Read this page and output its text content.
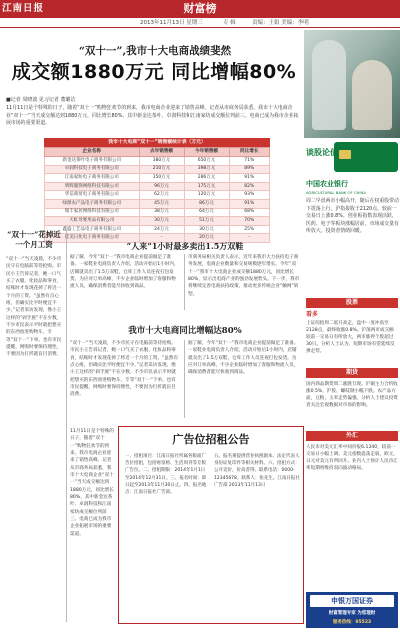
江南日报	财富榜
2013年11月13日 星期三	专 辑	责编：王娟 美编：李明
“双十一”,我市十大电商战绩斐然
成交额1880万元 同比增幅80%
■记者 周晓波 见习记者 董璐洁
11月11日是个特殊的日子，随着“双十一”购物狂欢节的到来，我市电商企业迎来了销售高峰。记者从市商务局获悉，我市十大电商企业“双十一”当天成交额达到1880万元，同比增长80%，其中新金达茶叶、卓润科技和江南家纺成交额位列前三。电商已成为我市企业拓展市场的重要渠道。
我市十大电商“双十一”销售额统计表（万元）
企业名称	去年销售额	今年销售额	同比增长
新金达茶叶电子商务有限公司	380万元	650万元	71%
卓润科技电子商务有限公司	210万元	398万元	89%
江南家纺电子商务有限公司	150万元	286万元	91%
明辉服饰网络科技有限公司	96万元	175万元	82%
华信商贸电子商务有限公司	62万元	120万元	93%
绿源农产品电子商务有限公司	45万元	86万元	91%
瑞丰家居网络科技有限公司	38万元	64万元	68%
天虹母婴用品有限公司	30万元	51万元	70%
鑫盛工艺品电子商务有限公司	24万元	30万元	25%
佳美日化电子商务有限公司	-	20万元	-
谈股论债
中国农业银行
AGRICULTURAL BANK OF CHINA
周二早盘两市小幅高开，随后在权重股带动下震荡上行，沪指报收于2120点，较前一交易日上涨0.8%。创业板指数表现活跃，医药、电子等板块涨幅居前。市场成交量有所放大，投资者情绪回暖。
股票
看多
上证综指周二低开高走，盘中一度冲高至2128点，最终收涨0.8%。沪深两市成交额较前一交易日有所放大，两市涨停个股超过30只。分析人士认为，短期市场有望延续反弹走势。
期货
国内商品期货周二涨跌互现。沪铜主力合约收涨0.5%，沪胶、螺纹钢小幅下跌。农产品方面，豆粕、玉米走势偏强。分析人士建议投资者关注宏观数据对市场的影响。
外汇
人民币对美元汇率中间价报6.1340，较前一交易日小幅上调。美元指数震荡走弱，欧元、日元对美元有所回升。业内人士预计人民币汇率短期将维持双向波动格局。
申银万国证券
财富管理专家 为您理财
服务热线：95523
“双十一”花掉近一个月工资
“双十一”当天凌晨，不少市民守在电脑前等待抢购。市民小王告诉记者，她一口气买了衣服、化妆品和零食，结账时才发现花掉了将近一个月的工资。“虽然有点心疼，但确实比平时便宜不少。”记者采访发现，像小王这样的“剁手族”不在少数，不少市民表示平时就把想买的东西放进购物车，专等“双十一”下单。也有市民提醒，网购时要保持理性，不要因为打折就盲目消费。
“人来”1小时最多卖出1.5万双鞋
据了解，今年“双十一”我市电商企业提前做足了准备。一家鞋业电商负责人介绍，活动开始后1小时内，店铺就卖出了1.5万双鞋，仓库工作人员连夜打包发货。为应对订单高峰，不少企业临时增加了客服和物流人员，确保消费者能尽快收到商品。
市商务局相关负责人表示，近年来我市大力扶持电子商务发展，电商企业数量和交易规模逐年增长。今年“双十一”我市十大电商企业成交额1880万元，同比增长80%，显示出电商产业的强劲发展势头。下一步，我市将继续完善电商扶持政策，推动更多传统企业“触网”转型。
我市十大电商同比增幅达80%
“双十一”当天凌晨，不少市民守在电脑前等待抢购。市民小王告诉记者，她一口气买了衣服、化妆品和零食，结账时才发现花掉了将近一个月的工资。“虽然有点心疼，但确实比平时便宜不少。”记者采访发现，像小王这样的“剁手族”不在少数，不少市民表示平时就把想买的东西放进购物车，专等“双十一”下单。也有市民提醒，网购时要保持理性，不要因为打折就盲目消费。
据了解，今年“双十一”我市电商企业提前做足了准备。一家鞋业电商负责人介绍，活动开始后1小时内，店铺就卖出了1.5万双鞋，仓库工作人员连夜打包发货。为应对订单高峰，不少企业临时增加了客服和物流人员，确保消费者能尽快收到商品。
11月11日是个特殊的日子，随着“双十一”购物狂欢节的到来，我市电商企业迎来了销售高峰。记者从市商务局获悉，我市十大电商企业“双十一”当天成交额达到1880万元，同比增长80%，其中新金达茶叶、卓润科技和江南家纺成交额位列前三。电商已成为我市企业拓展市场的重要渠道。
广告位招租公告
一、招租项目：江南日报社所属各版面广告位招租，包括财富榜、生活周刊等专版广告位。二、招租期限：2014年1月1日至2014年12月31日。三、报名时间：即日起至2013年11月30日止。四、报名地点：江南日报社广告部。
五、报名须提供营业执照副本、法定代表人身份证复印件等相关材料。六、招租方式：公开竞价，价高者得。联系电话：0000-12345678。联系人：张先生。江南日报社广告部 2013年11月13日
